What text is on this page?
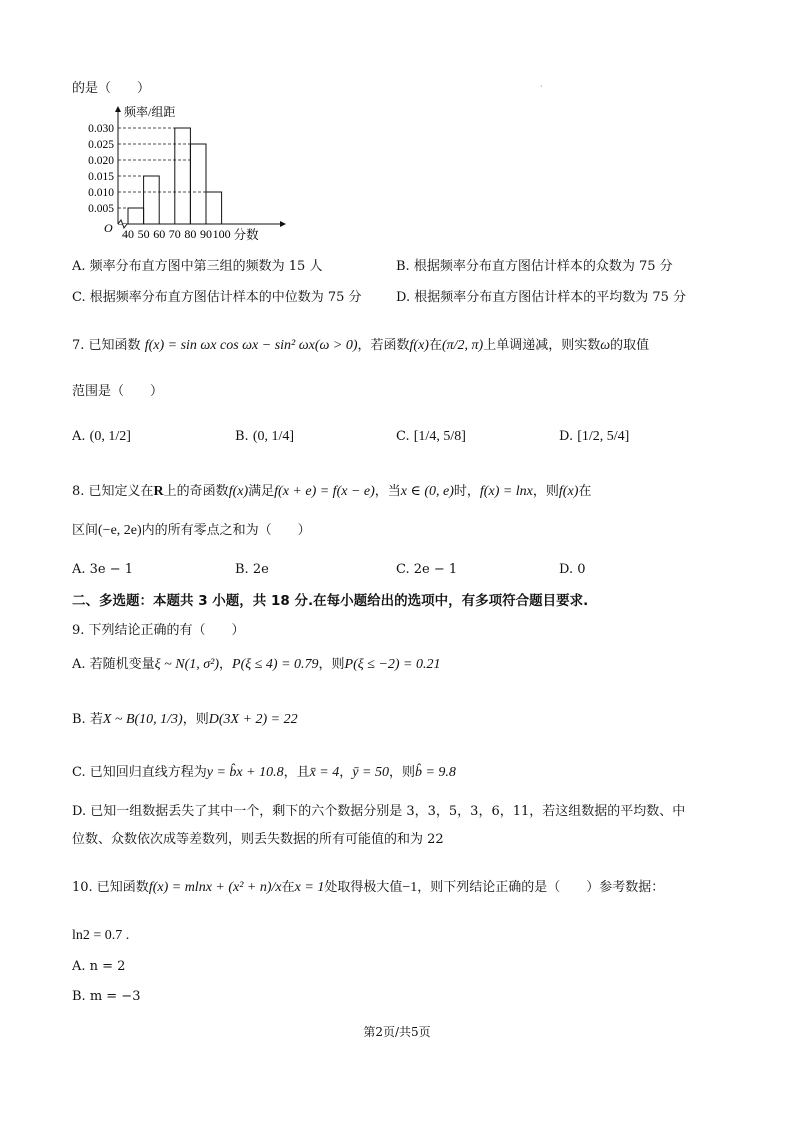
·
的是（　　）
频率/组距
O
0.005
0.010
0.015
0.020
0.025
0.030
40 50 60 70 80 90 100 分数
A. 频率分布直方图中第三组的频数为 15 人	B. 根据频率分布直方图估计样本的众数为 75 分
C. 根据频率分布直方图估计样本的中位数为 75 分	D. 根据频率分布直方图估计样本的平均数为 75 分
7. 已知函数 f(x) = sin ωx cos ωx − sin² ωx(ω > 0)，若函数f(x)在(π/2, π)上单调递减，则实数ω的取值
范围是（　　）
A. (0, 1/2]	B. (0, 1/4]	C. [1/4, 5/8]	D. [1/2, 5/4]
8. 已知定义在R上的奇函数f(x)满足f(x + e) = f(x − e)，当x ∈ (0, e)时，f(x) = lnx，则f(x)在
区间(−e, 2e)内的所有零点之和为（　　）
A. 3e − 1	B. 2e	C. 2e − 1	D. 0
二、多选题：本题共 3 小题，共 18 分.在每小题给出的选项中，有多项符合题目要求.
9. 下列结论正确的有（　　）
A. 若随机变量ξ ~ N(1, σ²)，P(ξ ≤ 4) = 0.79，则P(ξ ≤ −2) = 0.21
B. 若X ~ B(10, 1/3)，则D(3X + 2) = 22
C. 已知回归直线方程为y = b̂x + 10.8，且x̄ = 4，ȳ = 50，则b̂ = 9.8
D. 已知一组数据丢失了其中一个，剩下的六个数据分别是 3，3，5，3，6，11，若这组数据的平均数、中
位数、众数依次成等差数列，则丢失数据的所有可能值的和为 22
10. 已知函数f(x) = mlnx + (x² + n)/x在x = 1处取得极大值−1，则下列结论正确的是（　　）参考数据：
ln2 = 0.7 .
A. n = 2
B. m = −3
第2页/共5页
